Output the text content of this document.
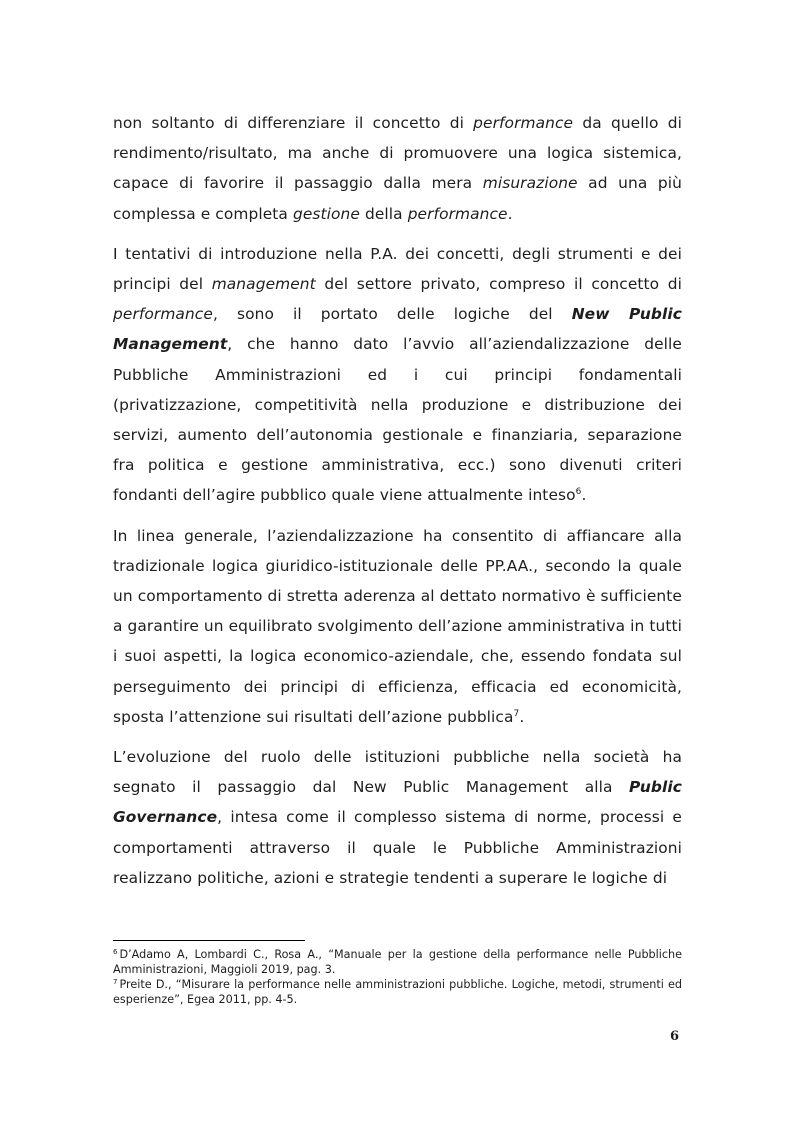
non soltanto di differenziare il concetto di performance da quello di rendimento/risultato, ma anche di promuovere una logica sistemica, capace di favorire il passaggio dalla mera misurazione ad una più complessa e completa gestione della performance.

I tentativi di introduzione nella P.A. dei concetti, degli strumenti e dei principi del management del settore privato, compreso il concetto di performance, sono il portato delle logiche del New Public Management, che hanno dato l’avvio all’aziendalizzazione delle Pubbliche Amministrazioni ed i cui principi fondamentali (privatizzazione, competitività nella produzione e distribuzione dei servizi, aumento dell’autonomia gestionale e finanziaria, separazione fra politica e gestione amministrativa, ecc.) sono divenuti criteri fondanti dell’agire pubblico quale viene attualmente inteso$^6$.

In linea generale, l’aziendalizzazione ha consentito di affiancare alla tradizionale logica giuridico-istituzionale delle PP.AA., secondo la quale un comportamento di stretta aderenza al dettato normativo è sufficiente a garantire un equilibrato svolgimento dell’azione amministrativa in tutti i suoi aspetti, la logica economico-aziendale, che, essendo fondata sul perseguimento dei principi di efficienza, efficacia ed economicità, sposta l’attenzione sui risultati dell’azione pubblica$^7$.

L’evoluzione del ruolo delle istituzioni pubbliche nella società ha segnato il passaggio dal New Public Management alla Public Governance, intesa come il complesso sistema di norme, processi e comportamenti attraverso il quale le Pubbliche Amministrazioni realizzano politiche, azioni e strategie tendenti a superare le logiche di

$^6$ D’Adamo A, Lombardi C., Rosa A., “Manuale per la gestione della performance nelle Pubbliche Amministrazioni, Maggioli 2019, pag. 3.

$^7$ Preite D., “Misurare la performance nelle amministrazioni pubbliche. Logiche, metodi, strumenti ed esperienze”, Egea 2011, pp. 4-5.

6
